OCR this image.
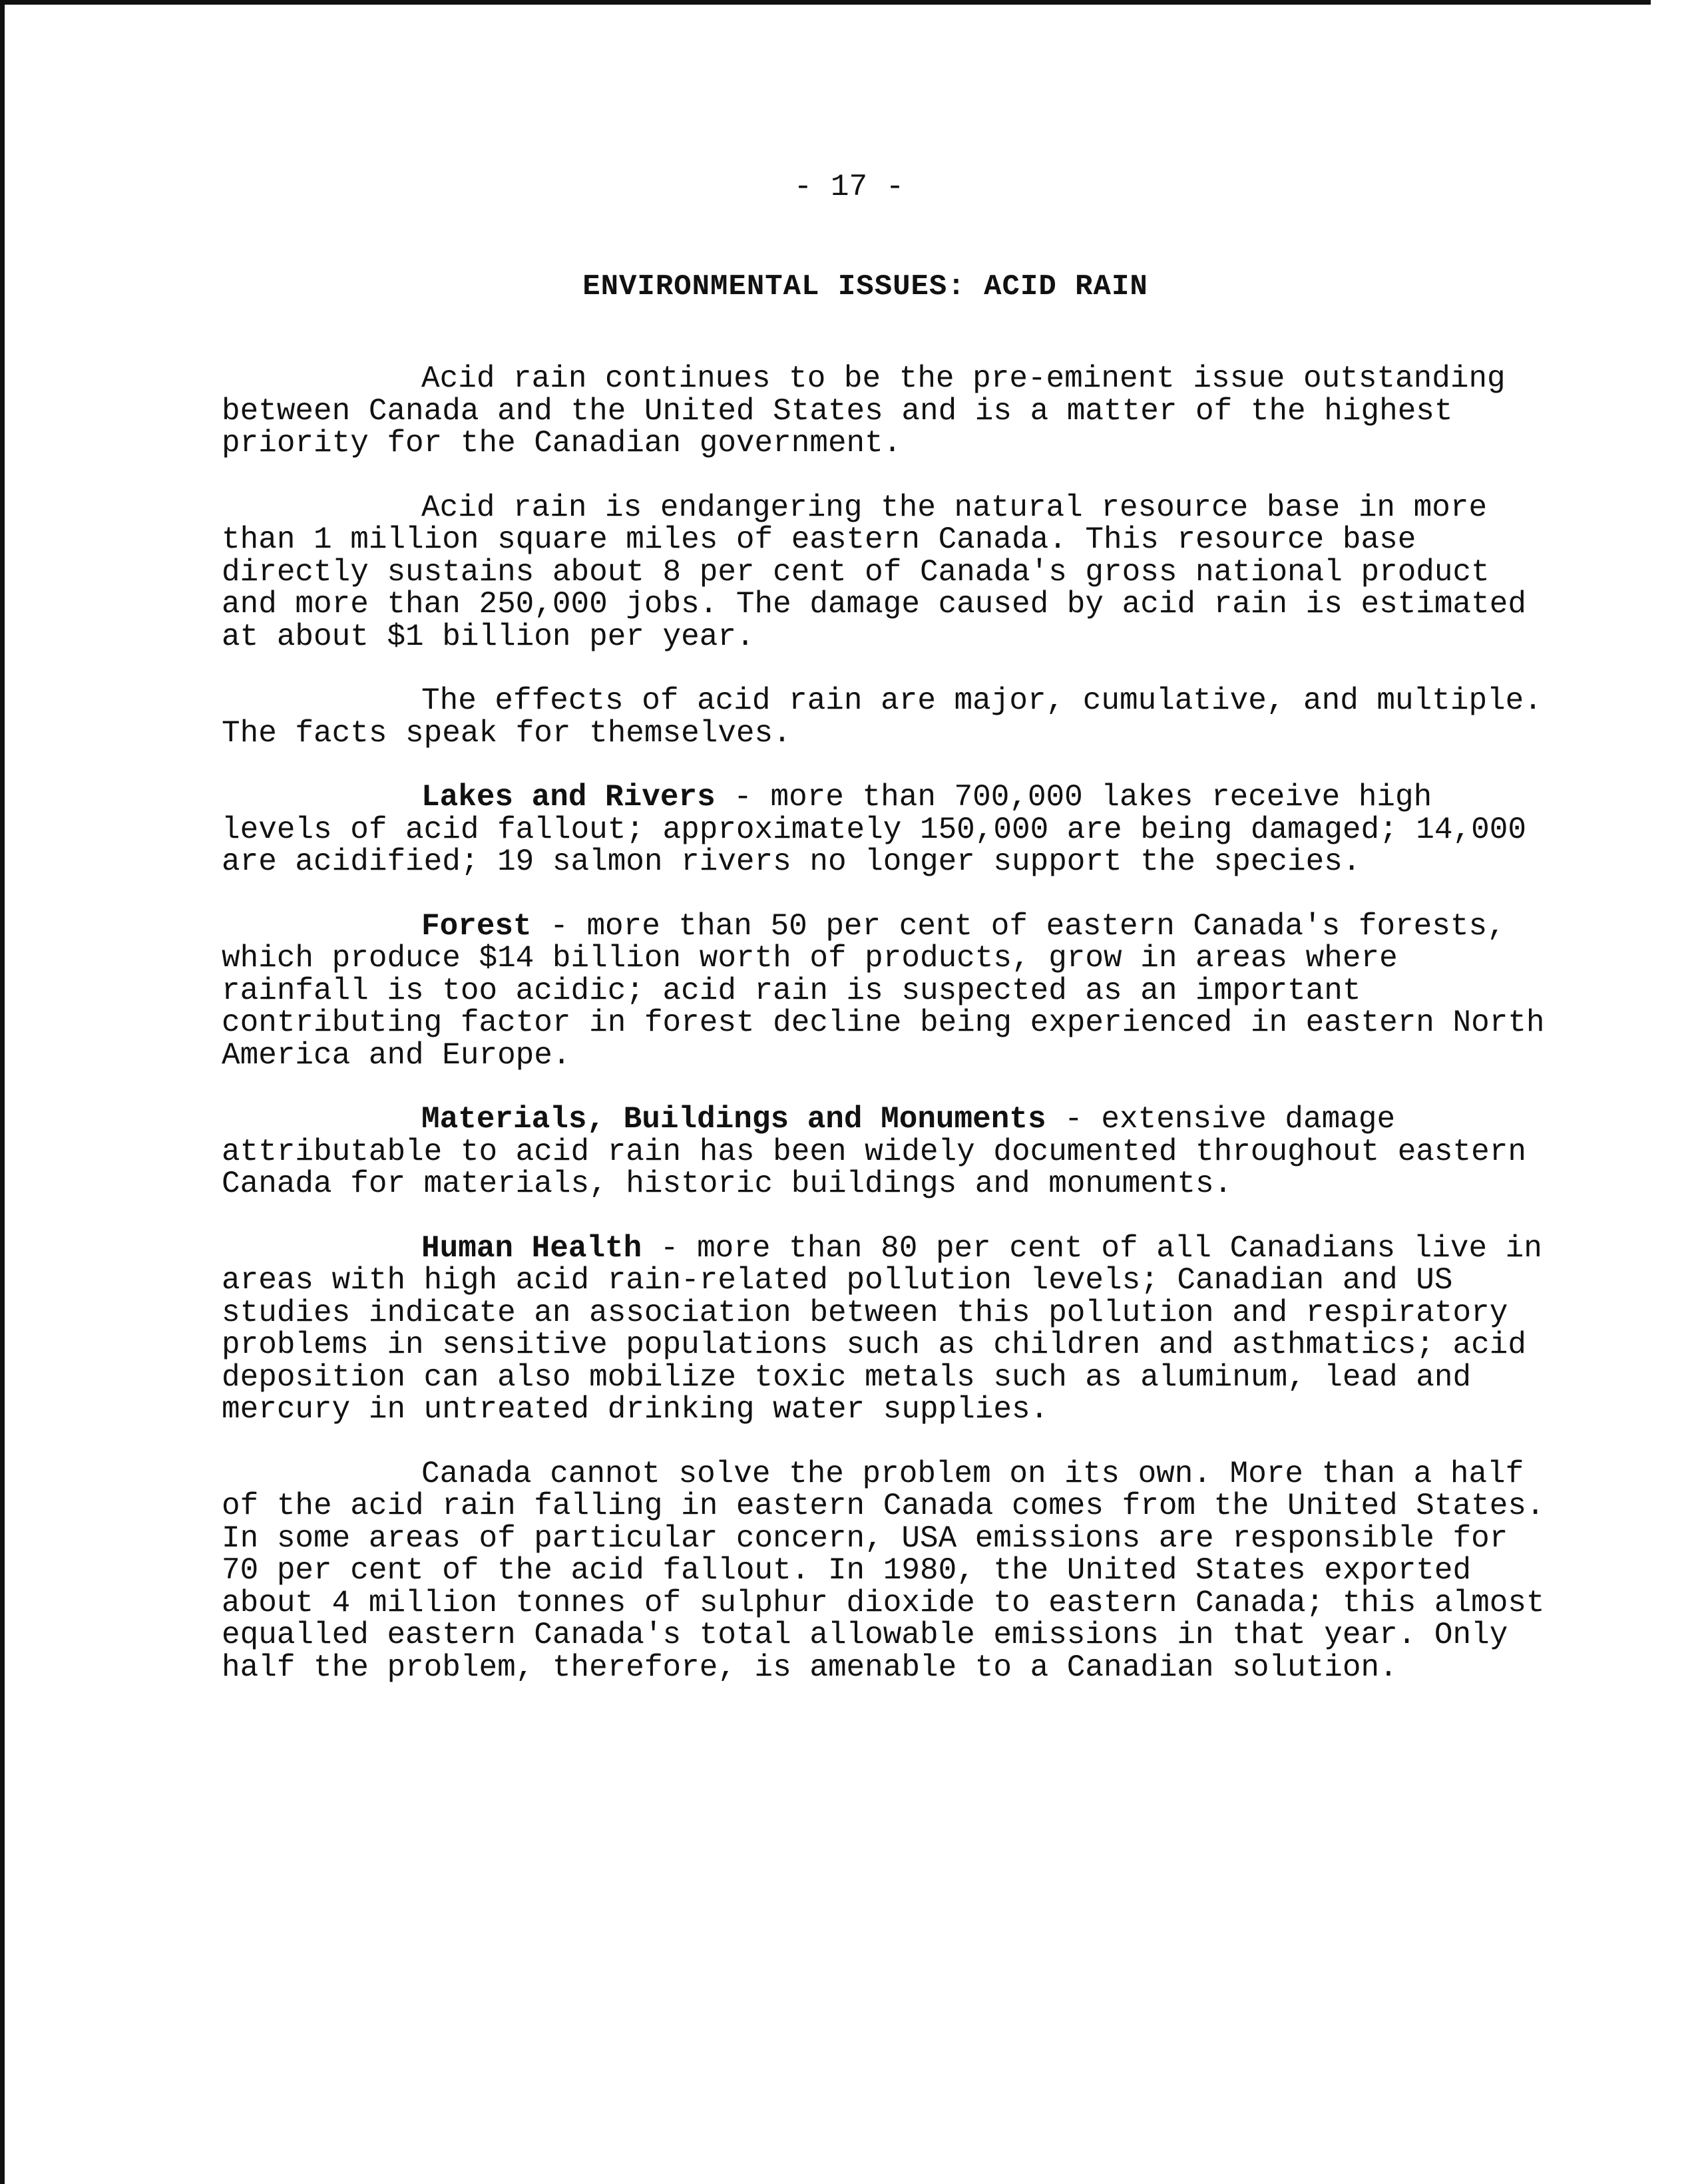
- 17 -
ENVIRONMENTAL ISSUES: ACID RAIN

Acid rain continues to be the pre-eminent issue outstanding between Canada and the United States and is a matter of the highest priority for the Canadian government.

Acid rain is endangering the natural resource base in more than 1 million square miles of eastern Canada. This resource base directly sustains about 8 per cent of Canada's gross national product and more than 250,000 jobs. The damage caused by acid rain is estimated at about $1 billion per year.

The effects of acid rain are major, cumulative, and multiple. The facts speak for themselves.

Lakes and Rivers - more than 700,000 lakes receive high levels of acid fallout; approximately 150,000 are being damaged; 14,000 are acidified; 19 salmon rivers no longer support the species.

Forest - more than 50 per cent of eastern Canada's forests, which produce $14 billion worth of products, grow in areas where rainfall is too acidic; acid rain is suspected as an important contributing factor in forest decline being experienced in eastern North America and Europe.

Materials, Buildings and Monuments - extensive damage attributable to acid rain has been widely documented throughout eastern Canada for materials, historic buildings and monuments.

Human Health - more than 80 per cent of all Canadians live in areas with high acid rain-related pollution levels; Canadian and US studies indicate an association between this pollution and respiratory problems in sensitive populations such as children and asthmatics; acid deposition can also mobilize toxic metals such as aluminum, lead and mercury in untreated drinking water supplies.

Canada cannot solve the problem on its own. More than a half of the acid rain falling in eastern Canada comes from the United States. In some areas of particular concern, USA emissions are responsible for 70 per cent of the acid fallout. In 1980, the United States exported about 4 million tonnes of sulphur dioxide to eastern Canada; this almost equalled eastern Canada's total allowable emissions in that year. Only half the problem, therefore, is amenable to a Canadian solution.
